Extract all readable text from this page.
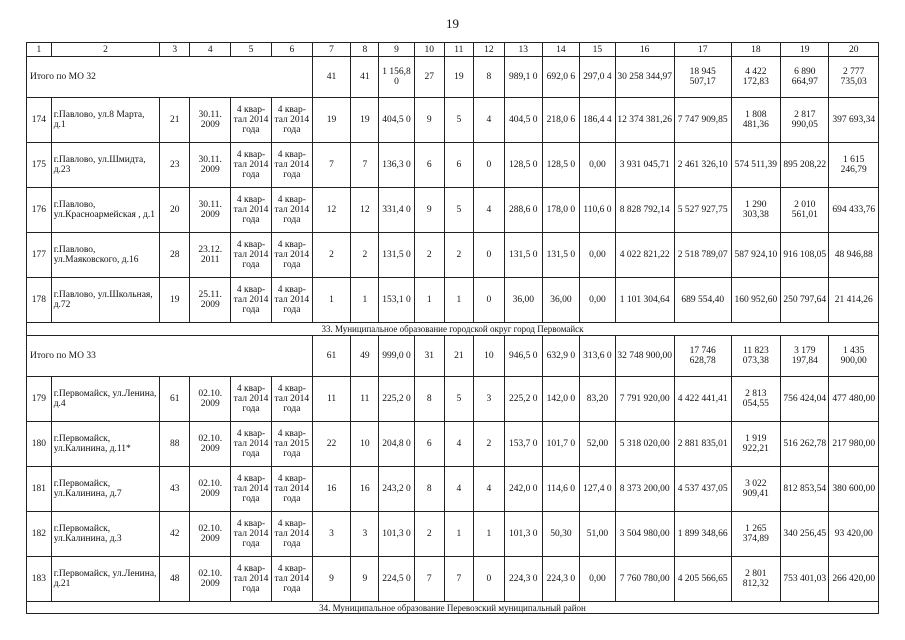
19
1	2	3	4	5	6	7	8	9	10	11	12	13	14	15	16	17	18	19	20
Итого по МО 32						41	41	1 156,8 0	27	19	8	989,1 0	692,0 6	297,0 4	30 258 344,97	18 945 507,17	4 422 172,83	6 890 664,97	2 777 735,03
174	г.Павлово, ул.8 Марта, д.1	21	30.11. 2009	4 квар- тал 2014 года	4 квар- тал 2014 года	19	19	404,5 0	9	5	4	404,5 0	218,0 6	186,4 4	12 374 381,26	7 747 909,85	1 808 481,36	2 817 990,05	397 693,34
175	г.Павлово, ул.Шмидта, д.23	23	30.11. 2009	4 квар- тал 2014 года	4 квар- тал 2014 года	7	7	136,3 0	6	6	0	128,5 0	128,5 0	0,00	3 931 045,71	2 461 326,10	574 511,39	895 208,22	1 615 246,79
176	г.Павлово, ул.Красноармейская , д.1	20	30.11. 2009	4 квар- тал 2014 года	4 квар- тал 2014 года	12	12	331,4 0	9	5	4	288,6 0	178,0 0	110,6 0	8 828 792,14	5 527 927,75	1 290 303,38	2 010 561,01	694 433,76
177	г.Павлово, ул.Маяковского, д.16	28	23.12. 2011	4 квар- тал 2014 года	4 квар- тал 2014 года	2	2	131,5 0	2	2	0	131,5 0	131,5 0	0,00	4 022 821,22	2 518 789,07	587 924,10	916 108,05	48 946,88
178	г.Павлово, ул.Школьная, д.72	19	25.11. 2009	4 квар- тал 2014 года	4 квар- тал 2014 года	1	1	153,1 0	1	1	0	36,00	36,00	0,00	1 101 304,64	689 554,40	160 952,60	250 797,64	21 414,26
33. Муниципальное образование городской округ город Первомайск																			
Итого по МО 33						61	49	999,0 0	31	21	10	946,5 0	632,9 0	313,6 0	32 748 900,00	17 746 628,78	11 823 073,38	3 179 197,84	1 435 900,00
179	г.Первомайск, ул.Ленина, д.4	61	02.10. 2009	4 квар- тал 2014 года	4 квар- тал 2014 года	11	11	225,2 0	8	5	3	225,2 0	142,0 0	83,20	7 791 920,00	4 422 441,41	2 813 054,55	756 424,04	477 480,00
180	г.Первомайск, ул.Калинина, д.11*	88	02.10. 2009	4 квар- тал 2014 года	4 квар- тал 2015 года	22	10	204,8 0	6	4	2	153,7 0	101,7 0	52,00	5 318 020,00	2 881 835,01	1 919 922,21	516 262,78	217 980,00
181	г.Первомайск, ул.Калинина, д.7	43	02.10. 2009	4 квар- тал 2014 года	4 квар- тал 2014 года	16	16	243,2 0	8	4	4	242,0 0	114,6 0	127,4 0	8 373 200,00	4 537 437,05	3 022 909,41	812 853,54	380 600,00
182	г.Первомайск, ул.Калинина, д.3	42	02.10. 2009	4 квар- тал 2014 года	4 квар- тал 2014 года	3	3	101,3 0	2	1	1	101,3 0	50,30	51,00	3 504 980,00	1 899 348,66	1 265 374,89	340 256,45	93 420,00
183	г.Первомайск, ул.Ленина, д.21	48	02.10. 2009	4 квар- тал 2014 года	4 квар- тал 2014 года	9	9	224,5 0	7	7	0	224,3 0	224,3 0	0,00	7 760 780,00	4 205 566,65	2 801 812,32	753 401,03	266 420,00
34. Муниципальное образование Перевозский муниципальный район																			
